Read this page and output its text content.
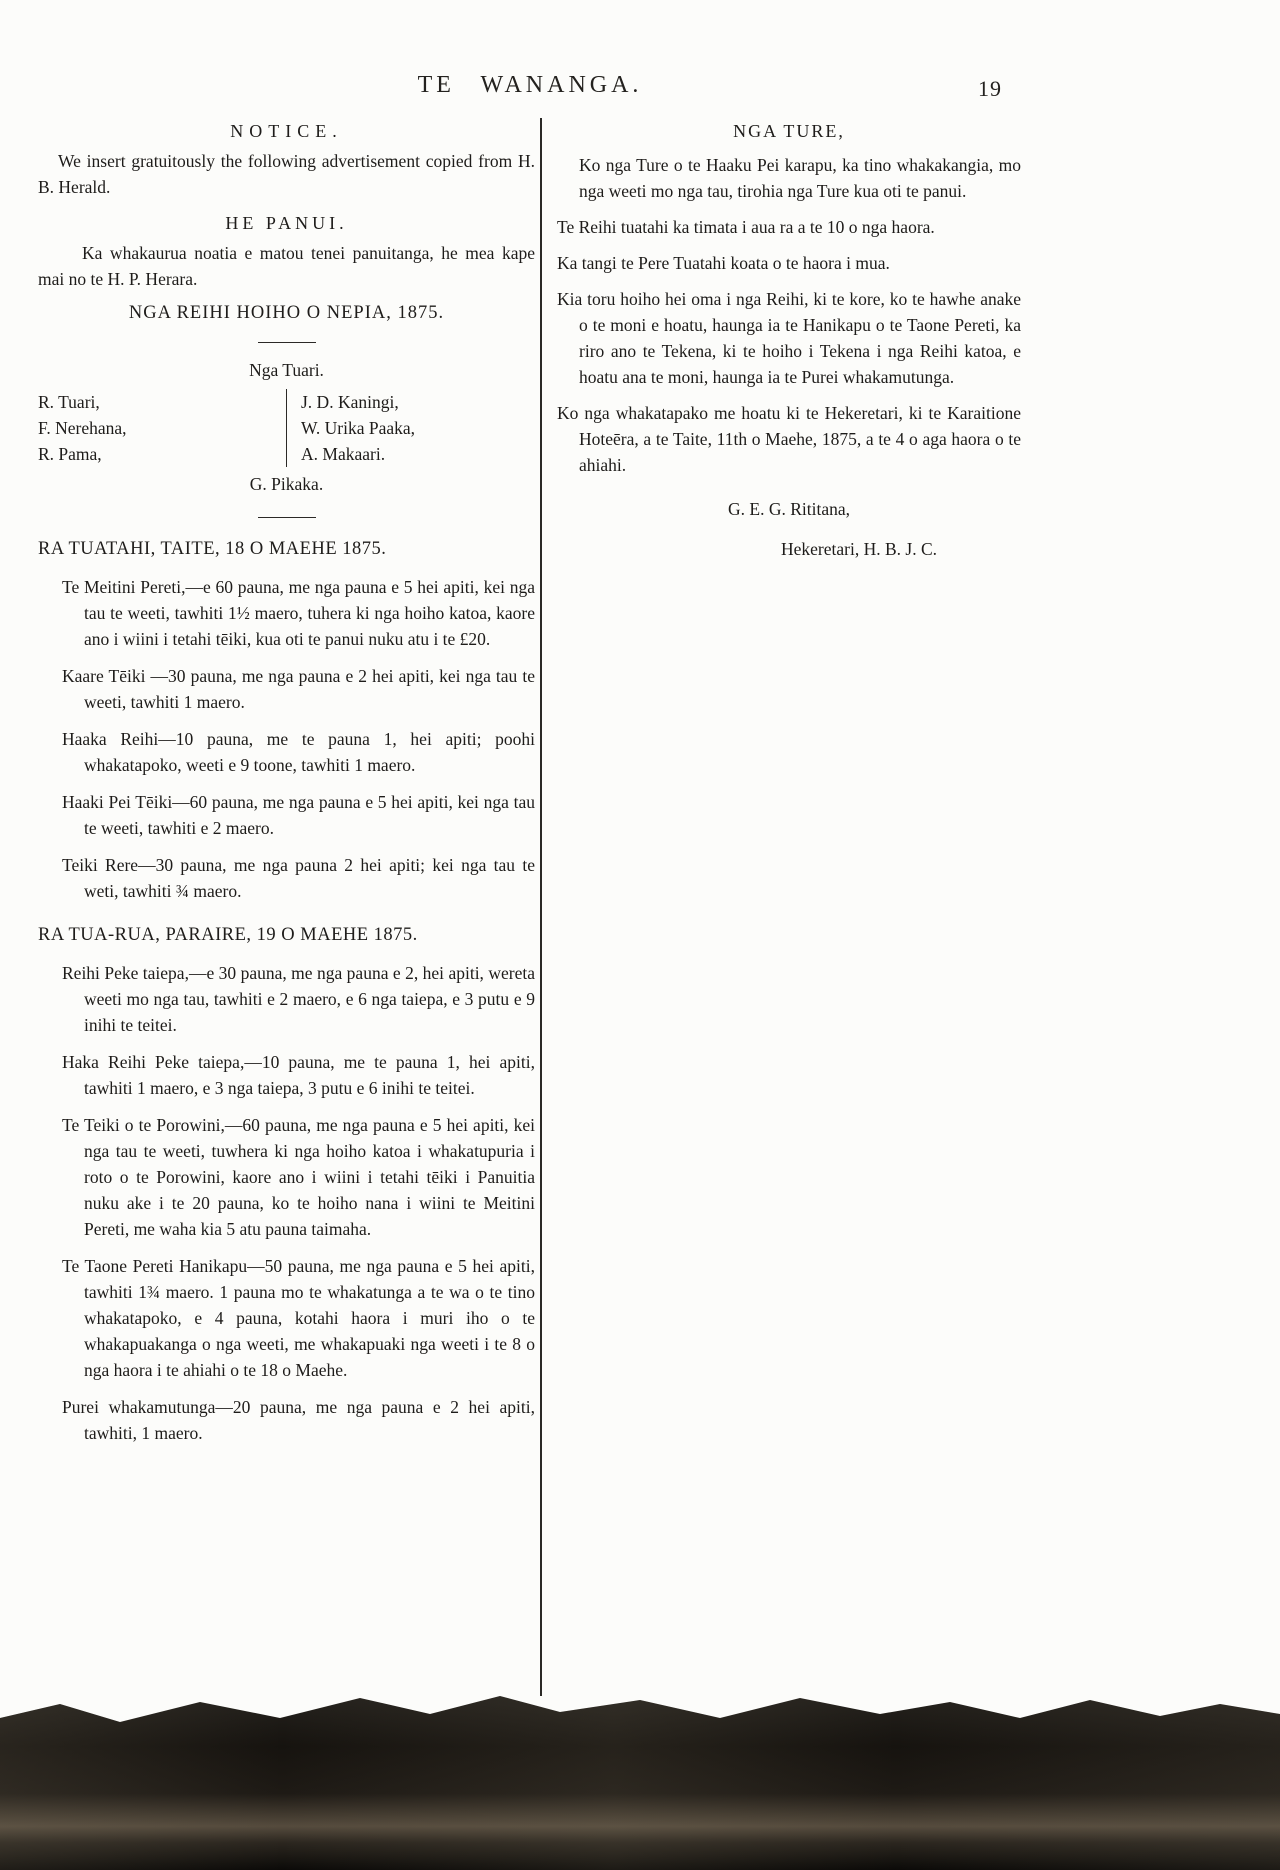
TE WANANGA.	19
NOTICE.

We insert gratuitously the following advertisement copied from H. B. Herald.

HE PANUI.

Ka whakaurua noatia e matou tenei panuitanga, he mea kape mai no te H. P. Herara.

NGA REIHI HOIHO O NEPIA, 1875.
Nga Tuari.
R. Tuari,
F. Nerehana,
R. Pama,
J. D. Kaningi,
W. Urika Paaka,
A. Makaari.
G. Pikaka.
RA TUATAHI, TAITE, 18 O MAEHE 1875.

Te Meitini Pereti,—e 60 pauna, me nga pauna e 5 hei apiti, kei nga tau te weeti, tawhiti 1½ maero, tuhera ki nga hoiho katoa, kaore ano i wiini i tetahi tēiki, kua oti te panui nuku atu i te £20.

Kaare Tēiki —30 pauna, me nga pauna e 2 hei apiti, kei nga tau te weeti, tawhiti 1 maero.

Haaka Reihi—10 pauna, me te pauna 1, hei apiti; poohi whakatapoko, weeti e 9 toone, tawhiti 1 maero.

Haaki Pei Tēiki—60 pauna, me nga pauna e 5 hei apiti, kei nga tau te weeti, tawhiti e 2 maero.

Teiki Rere—30 pauna, me nga pauna 2 hei apiti; kei nga tau te weti, tawhiti ¾ maero.

RA TUA-RUA, PARAIRE, 19 O MAEHE 1875.

Reihi Peke taiepa,—e 30 pauna, me nga pauna e 2, hei apiti, wereta weeti mo nga tau, tawhiti e 2 maero, e 6 nga taiepa, e 3 putu e 9 inihi te teitei.

Haka Reihi Peke taiepa,—10 pauna, me te pauna 1, hei apiti, tawhiti 1 maero, e 3 nga taiepa, 3 putu e 6 inihi te teitei.

Te Teiki o te Porowini,—60 pauna, me nga pauna e 5 hei apiti, kei nga tau te weeti, tuwhera ki nga hoiho katoa i whakatupuria i roto o te Porowini, kaore ano i wiini i tetahi tēiki i Panuitia nuku ake i te 20 pauna, ko te hoiho nana i wiini te Meitini Pereti, me waha kia 5 atu pauna taimaha.

Te Taone Pereti Hanikapu—50 pauna, me nga pauna e 5 hei apiti, tawhiti 1¾ maero. 1 pauna mo te whakatunga a te wa o te tino whakatapoko, e 4 pauna, kotahi haora i muri iho o te whakapuakanga o nga weeti, me whakapuaki nga weeti i te 8 o nga haora i te ahiahi o te 18 o Maehe.

Purei whakamutunga—20 pauna, me nga pauna e 2 hei apiti, tawhiti, 1 maero.

NGA TURE,

Ko nga Ture o te Haaku Pei karapu, ka tino whakakangia, mo nga weeti mo nga tau, tirohia nga Ture kua oti te panui.

Te Reihi tuatahi ka timata i aua ra a te 10 o nga haora.

Ka tangi te Pere Tuatahi koata o te haora i mua.

Kia toru hoiho hei oma i nga Reihi, ki te kore, ko te hawhe anake o te moni e hoatu, haunga ia te Hanikapu o te Taone Pereti, ka riro ano te Tekena, ki te hoiho i Tekena i nga Reihi katoa, e hoatu ana te moni, haunga ia te Purei whakamutunga.

Ko nga whakatapako me hoatu ki te Hekeretari, ki te Karaitione Hoteēra, a te Taite, 11th o Maehe, 1875, a te 4 o aga haora o te ahiahi.

G. E. G. Rititana,
Hekeretari, H. B. J. C.
